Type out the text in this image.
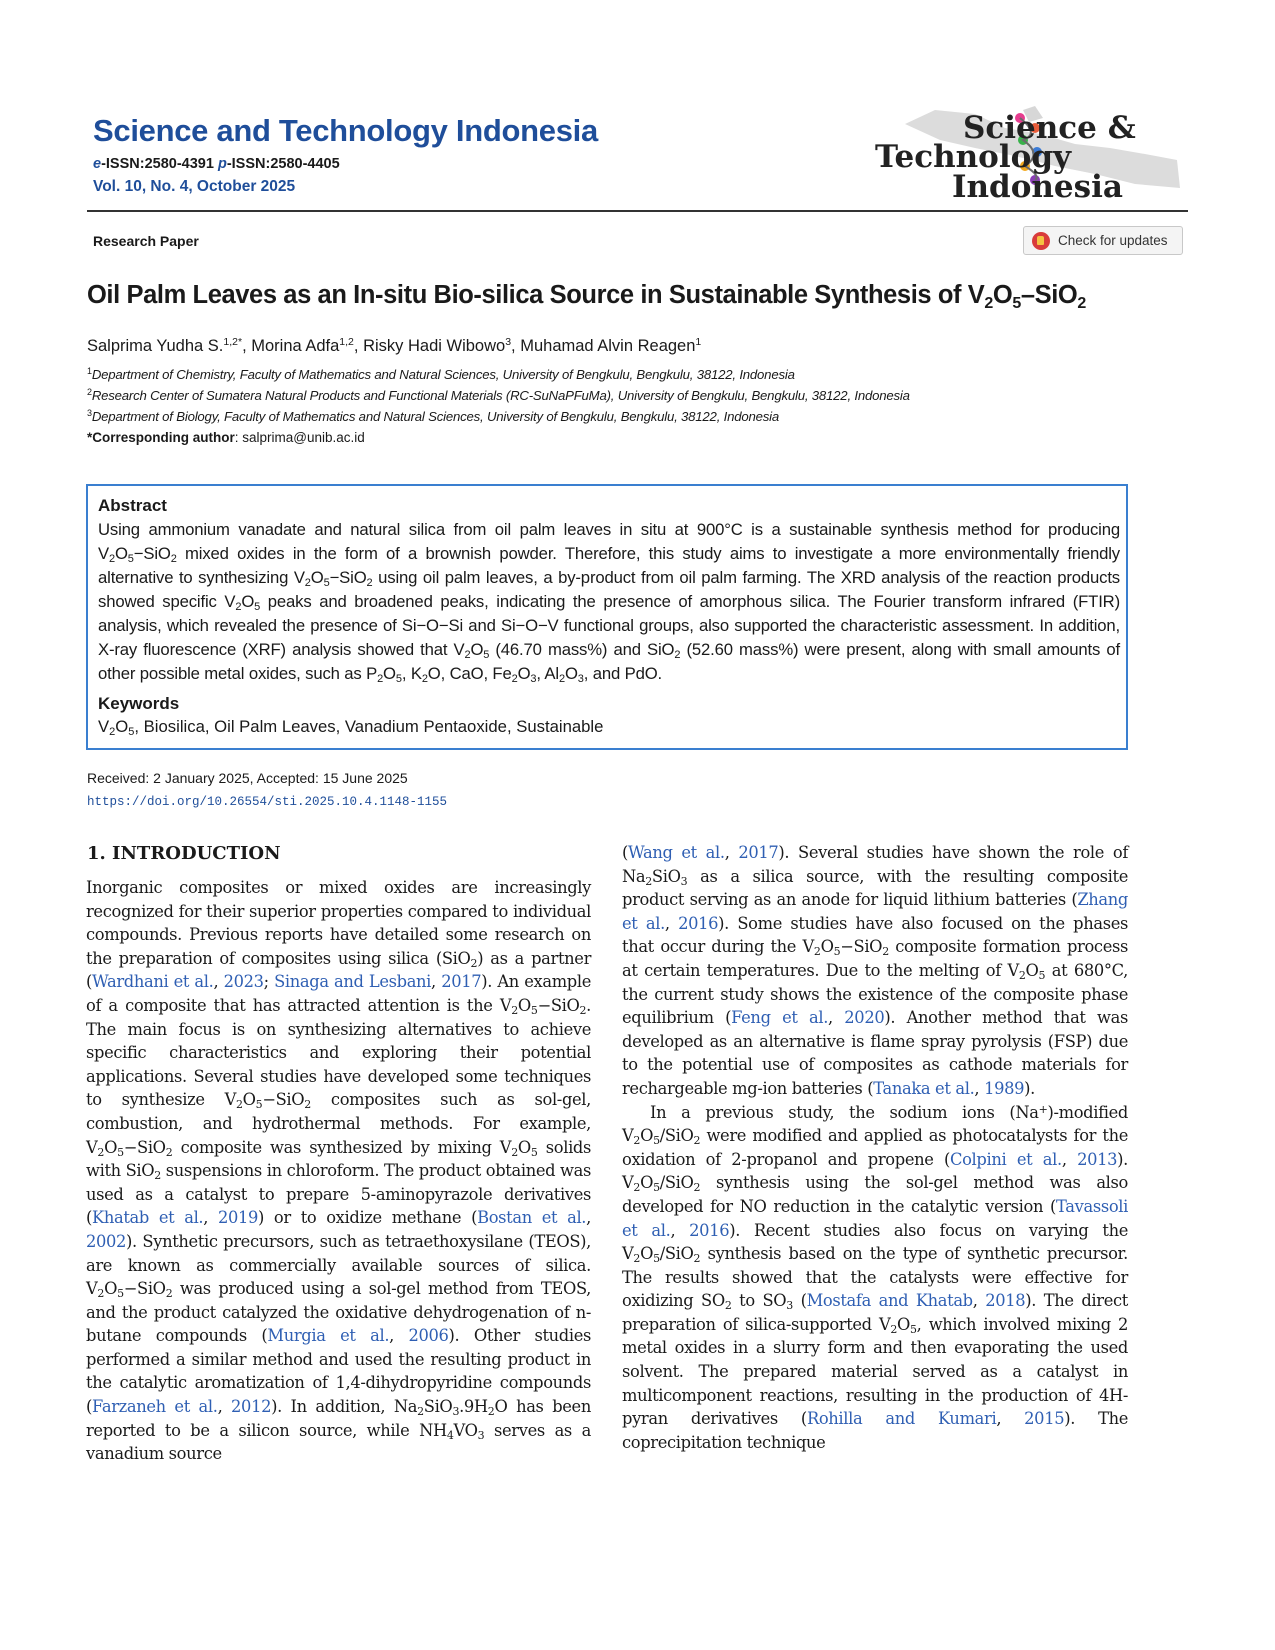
Science and Technology Indonesia
e-ISSN:2580-4391 p-ISSN:2580-4405
Vol. 10, No. 4, October 2025
Science &
Technology
Indonesia
Research Paper	Check for updates
Oil Palm Leaves as an In-situ Bio-silica Source in Sustainable Synthesis of $V_2O_5-SiO_2$
Salprima Yudha S.$^{1,2*}$, Morina Adfa$^{1,2}$, Risky Hadi Wibowo$^3$, Muhamad Alvin Reagen$^1$
$^1$Department of Chemistry, Faculty of Mathematics and Natural Sciences, University of Bengkulu, Bengkulu, 38122, Indonesia
$^2$Research Center of Sumatera Natural Products and Functional Materials (RC-SuNaPFuMa), University of Bengkulu, Bengkulu, 38122, Indonesia
$^3$Department of Biology, Faculty of Mathematics and Natural Sciences, University of Bengkulu, Bengkulu, 38122, Indonesia
*Corresponding author: salprima@unib.ac.id
Abstract
Using ammonium vanadate and natural silica from oil palm leaves in situ at 900°C is a sustainable synthesis method for producing $V_2O_5-SiO_2$ mixed oxides in the form of a brownish powder. Therefore, this study aims to investigate a more environmentally friendly alternative to synthesizing $V_2O_5-SiO_2$ using oil palm leaves, a by-product from oil palm farming. The XRD analysis of the reaction products showed specific $V_2O_5$ peaks and broadened peaks, indicating the presence of amorphous silica. The Fourier transform infrared (FTIR) analysis, which revealed the presence of Si−O−Si and Si−O−V functional groups, also supported the characteristic assessment. In addition, X-ray fluorescence (XRF) analysis showed that $V_2O_5$ (46.70 mass%) and SiO$_2$ (52.60 mass%) were present, along with small amounts of other possible metal oxides, such as $P_2O_5$, $K_2O$, CaO, $Fe_2O_3$, $Al_2O_3$, and PdO.
Keywords
$V_2O_5$, Biosilica, Oil Palm Leaves, Vanadium Pentaoxide, Sustainable
Received: 2 January 2025, Accepted: 15 June 2025
https://doi.org/10.26554/sti.2025.10.4.1148-1155
1. INTRODUCTION

Inorganic composites or mixed oxides are increasingly recognized for their superior properties compared to individual compounds. Previous reports have detailed some research on the preparation of composites using silica (SiO$_2$) as a partner (Wardhani et al., 2023; Sinaga and Lesbani, 2017). An example of a composite that has attracted attention is the $V_2O_5-SiO_2$. The main focus is on synthesizing alternatives to achieve specific characteristics and exploring their potential applications. Several studies have developed some techniques to synthesize $V_2O_5-SiO_2$ composites such as sol-gel, combustion, and hydrothermal methods. For example, $V_2O_5-SiO_2$ composite was synthesized by mixing $V_2O_5$ solids with SiO$_2$ suspensions in chloroform. The product obtained was used as a catalyst to prepare 5-aminopyrazole derivatives (Khatab et al., 2019) or to oxidize methane (Bostan et al., 2002). Synthetic precursors, such as tetraethoxysilane (TEOS), are known as commercially available sources of silica. $V_2O_5-SiO_2$ was produced using a sol-gel method from TEOS, and the product catalyzed the oxidative dehydrogenation of n-butane compounds (Murgia et al., 2006). Other studies performed a similar method and used the resulting product in the catalytic aromatization of 1,4-dihydropyridine compounds (Farzaneh et al., 2012). In addition, $Na_2SiO_3.9H_2O$ has been reported to be a silicon source, while $NH_4VO_3$ serves as a vanadium source

(Wang et al., 2017). Several studies have shown the role of $Na_2SiO_3$ as a silica source, with the resulting composite product serving as an anode for liquid lithium batteries (Zhang et al., 2016). Some studies have also focused on the phases that occur during the $V_2O_5-SiO_2$ composite formation process at certain temperatures. Due to the melting of $V_2O_5$ at 680°C, the current study shows the existence of the composite phase equilibrium (Feng et al., 2020). Another method that was developed as an alternative is flame spray pyrolysis (FSP) due to the potential use of composites as cathode materials for rechargeable mg-ion batteries (Tanaka et al., 1989).

In a previous study, the sodium ions (Na+)-modified $V_2O_5/SiO_2$ were modified and applied as photocatalysts for the oxidation of 2-propanol and propene (Colpini et al., 2013). $V_2O_5/SiO_2$ synthesis using the sol-gel method was also developed for NO reduction in the catalytic version (Tavassoli et al., 2016). Recent studies also focus on varying the $V_2O_5/SiO_2$ synthesis based on the type of synthetic precursor. The results showed that the catalysts were effective for oxidizing $SO_2$ to $SO_3$ (Mostafa and Khatab, 2018). The direct preparation of silica-supported $V_2O_5$, which involved mixing 2 metal oxides in a slurry form and then evaporating the used solvent. The prepared material served as a catalyst in multicomponent reactions, resulting in the production of 4H-pyran derivatives (Rohilla and Kumari, 2015). The coprecipitation technique
